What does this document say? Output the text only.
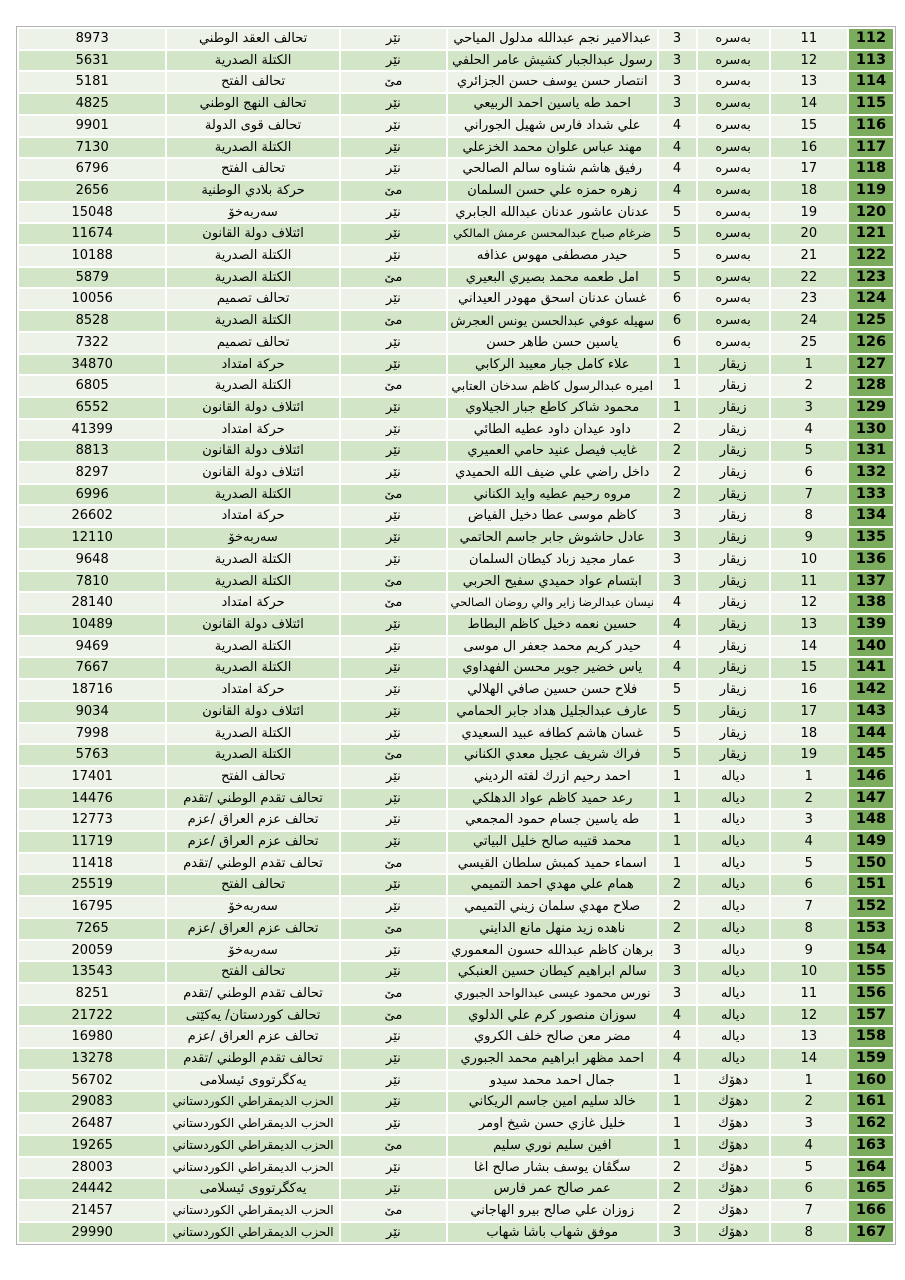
112	11	بەسرە	3	عبدالامير نجم عبدالله مدلول المياحي	نێر	تحالف العقد الوطني	8973
113	12	بەسرە	3	رسول عبدالجبار كشيش عامر الحلفي	نێر	الكتلة الصدرية	5631
114	13	بەسرە	3	انتصار حسن يوسف حسن الجزائري	مێ	تحالف الفتح	5181
115	14	بەسرە	3	احمد طه ياسين احمد الربيعي	نێر	تحالف النهج الوطني	4825
116	15	بەسرە	4	علي شداد فارس شهيل الجوراني	نێر	تحالف قوى الدولة	9901
117	16	بەسرە	4	مهند عباس علوان محمد الخزعلي	نێر	الكتلة الصدرية	7130
118	17	بەسرە	4	رفيق هاشم شناوه سالم الصالحي	نێر	تحالف الفتح	6796
119	18	بەسرە	4	زهره حمزه علي حسن السلمان	مێ	حركة بلادي الوطنية	2656
120	19	بەسرە	5	عدنان عاشور عدنان عبدالله الجابري	نێر	سەربەخۆ	15048
121	20	بەسرە	5	ضرغام صباح عبدالمحسن عرمش المالكي	نێر	ائتلاف دولة القانون	11674
122	21	بەسرە	5	حيدر مصطفى مهوس عذافه	نێر	الكتلة الصدرية	10188
123	22	بەسرە	5	امل طعمه محمد بصيري البعيري	مێ	الكتلة الصدرية	5879
124	23	بەسرە	6	غسان عدنان اسحق مهودر العيداني	نێر	تحالف تصميم	10056
125	24	بەسرە	6	سهيله عوفي عبدالحسن يونس العجرش	مێ	الكتلة الصدرية	8528
126	25	بەسرە	6	ياسين حسن طاهر حسن	نێر	تحالف تصميم	7322
127	1	زيقار	1	علاء كامل جبار معيبد الركابي	نێر	حركة امتداد	34870
128	2	زيقار	1	اميره عبدالرسول كاظم سدخان العتابي	مێ	الكتلة الصدرية	6805
129	3	زيقار	1	محمود شاكر كاطع جبار الجيلاوي	نێر	ائتلاف دولة القانون	6552
130	4	زيقار	2	داود عيدان داود عطيه الطائي	نێر	حركة امتداد	41399
131	5	زيقار	2	غايب فيصل عنيد حامي العميري	نێر	ائتلاف دولة القانون	8813
132	6	زيقار	2	داخل راضي علي ضيف الله الحميدي	نێر	ائتلاف دولة القانون	8297
133	7	زيقار	2	مروه رحيم عطيه وايد الكناني	مێ	الكتلة الصدرية	6996
134	8	زيقار	3	كاظم موسى عطا دخيل الفياض	نێر	حركة امتداد	26602
135	9	زيقار	3	عادل حاشوش جابر جاسم الحاتمي	نێر	سەربەخۆ	12110
136	10	زيقار	3	عمار مجيد زباد كيطان السلمان	نێر	الكتلة الصدرية	9648
137	11	زيقار	3	ابتسام عواد حميدي سفيح الحربي	مێ	الكتلة الصدرية	7810
138	12	زيقار	4	نيسان عبدالرضا زاير والي روضان الصالحي	مێ	حركة امتداد	28140
139	13	زيقار	4	حسين نعمه دخيل كاظم البطاط	نێر	ائتلاف دولة القانون	10489
140	14	زيقار	4	حيدر كريم محمد جعفر ال موسى	نێر	الكتلة الصدرية	9469
141	15	زيقار	4	ياس خضير جوير محسن الفهداوي	نێر	الكتلة الصدرية	7667
142	16	زيقار	5	فلاح حسن حسين صافي الهلالي	نێر	حركة امتداد	18716
143	17	زيقار	5	عارف عبدالجليل هداد جابر الحمامي	نێر	ائتلاف دولة القانون	9034
144	18	زيقار	5	غسان هاشم كطافه عبيد السعيدي	نێر	الكتلة الصدرية	7998
145	19	زيقار	5	فراك شريف عجيل معدي الكناني	مێ	الكتلة الصدرية	5763
146	1	دياله	1	احمد رحيم ازرك لفته الرديني	نێر	تحالف الفتح	17401
147	2	دياله	1	رعد حميد كاظم عواد الدهلكي	نێر	تحالف تقدم الوطني /تقدم	14476
148	3	دياله	1	طه ياسين جسام حمود المجمعي	نێر	تحالف عزم العراق /عزم	12773
149	4	دياله	1	محمد قتيبه صالح خليل البياتي	نێر	تحالف عزم العراق /عزم	11719
150	5	دياله	1	اسماء حميد كمبش سلطان القيسي	مێ	تحالف تقدم الوطني /تقدم	11418
151	6	دياله	2	همام علي مهدي احمد التميمي	نێر	تحالف الفتح	25519
152	7	دياله	2	صلاح مهدي سلمان زيني التميمي	نێر	سەربەخۆ	16795
153	8	دياله	2	ناهده زيد منهل مانع الدايني	مێ	تحالف عزم العراق /عزم	7265
154	9	دياله	3	برهان كاظم عبدالله حسون المعموري	نێر	سەربەخۆ	20059
155	10	دياله	3	سالم ابراهيم كيطان حسين العنبكي	نێر	تحالف الفتح	13543
156	11	دياله	3	نورس محمود عيسى عبدالواحد الجبوري	مێ	تحالف تقدم الوطني /تقدم	8251
157	12	دياله	4	سوزان منصور كرم علي الدلوي	مێ	تحالف كوردستان/ يەكێتى	21722
158	13	دياله	4	مضر معن صالح خلف الكروي	نێر	تحالف عزم العراق /عزم	16980
159	14	دياله	4	احمد مظهر ابراهيم محمد الجبوري	نێر	تحالف تقدم الوطني /تقدم	13278
160	1	دهۆك	1	جمال احمد محمد سيدو	نێر	يەكگرتووى ئيسلامى	56702
161	2	دهۆك	1	خالد سليم امين جاسم الريكاني	نێر	الحزب الديمقراطي الكوردستاني	29083
162	3	دهۆك	1	خليل غازي حسن شيخ اومر	نێر	الحزب الديمقراطي الكوردستاني	26487
163	4	دهۆك	1	افين سليم نوري سليم	مێ	الحزب الديمقراطي الكوردستاني	19265
164	5	دهۆك	2	سگڤان يوسف بشار صالح اغا	نێر	الحزب الديمقراطي الكوردستاني	28003
165	6	دهۆك	2	عمر صالح عمر فارس	نێر	يەكگرتووى ئيسلامى	24442
166	7	دهۆك	2	زوزان علي صالح بيرو الهاجاني	مێ	الحزب الديمقراطي الكوردستاني	21457
167	8	دهۆك	3	موفق شهاب باشا شهاب	نێر	الحزب الديمقراطي الكوردستاني	29990
